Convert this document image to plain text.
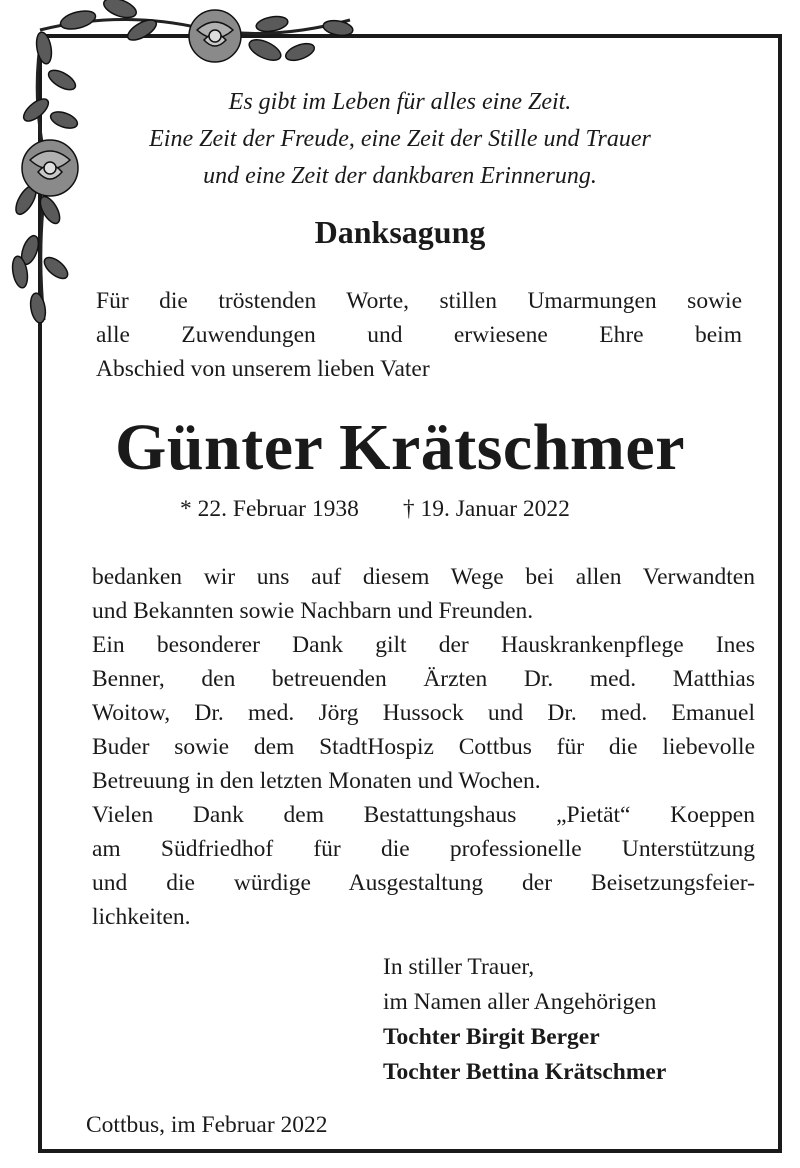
Es gibt im Leben für alles eine Zeit.
Eine Zeit der Freude, eine Zeit der Stille und Trauer
und eine Zeit der dankbaren Erinnerung.
Danksagung
Für die tröstenden Worte, stillen Umarmungen sowie
alle Zuwendungen und erwiesene Ehre beim
Abschied von unserem lieben Vater
Günter Krätschmer
* 22. Februar 1938 † 19. Januar 2022
bedanken wir uns auf diesem Wege bei allen Verwandten
und Bekannten sowie Nachbarn und Freunden.
Ein besonderer Dank gilt der Hauskrankenpflege Ines
Benner, den betreuenden Ärzten Dr. med. Matthias
Woitow, Dr. med. Jörg Hussock und Dr. med. Emanuel
Buder sowie dem StadtHospiz Cottbus für die liebevolle
Betreuung in den letzten Monaten und Wochen.
Vielen Dank dem Bestattungshaus „Pietät“ Koeppen
am Südfriedhof für die professionelle Unterstützung
und die würdige Ausgestaltung der Beisetzungsfeier-
lichkeiten.
In stiller Trauer,
im Namen aller Angehörigen
Tochter Birgit Berger
Tochter Bettina Krätschmer
Cottbus, im Februar 2022
